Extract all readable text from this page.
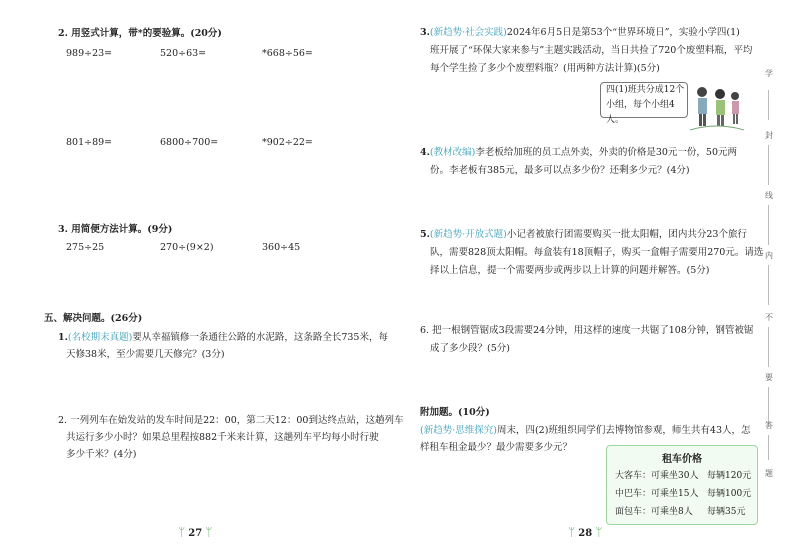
2. 用竖式计算，带*的要验算。(20分)
989÷23=	520÷63=	*668÷56=
801÷89=	6800÷700=	*902÷22=
3. 用简便方法计算。(9分)
275÷25	270÷(9×2)	360÷45
五、解决问题。(26分)
1.(名校期末真题)要从幸福镇修一条通往公路的水泥路，这条路全长735米，每
天修38米，至少需要几天修完？(3分)
2. 一列列车在始发站的发车时间是22：00，第二天12：00到达终点站，这趟列车
共运行多少小时？如果总里程按882千米来计算，这趟列车平均每小时行驶
多少千米？(4分)
ᛘ 27 ᛘ
3.(新趋势·社会实践)2024年6月5日是第53个“世界环境日”，实验小学四(1)
班开展了“环保大家来参与”主题实践活动，当日共捡了720个废塑料瓶，平均
每个学生捡了多少个废塑料瓶？(用两种方法计算)(5分)
四(1)班共分成12个
小组，每个小组4人。
4.(教材改编)李老板给加班的员工点外卖，外卖的价格是30元一份，50元两
份。李老板有385元，最多可以点多少份？还剩多少元？(4分)
5.(新趋势·开放式题)小记者被旅行团需要购买一批太阳帽，团内共分23个旅行
队，需要828顶太阳帽。每盒装有18顶帽子，购买一盒帽子需要用270元。请选
择以上信息，提一个需要两步或两步以上计算的问题并解答。(5分)
6. 把一根钢管锯成3段需要24分钟，用这样的速度一共锯了108分钟，钢管被锯
成了多少段？(5分)
附加题。(10分)
(新趋势·思维探究)周末，四(2)班组织同学们去博物馆参观，师生共有43人，怎
样租车租金最少？最少需要多少元？
租车价格
大客车：可乘坐30人 每辆120元
中巴车：可乘坐15人 每辆100元
面包车：可乘坐8人 每辆35元
ᛘ 28 ᛘ
学
封
线
内
不
要
答
题
